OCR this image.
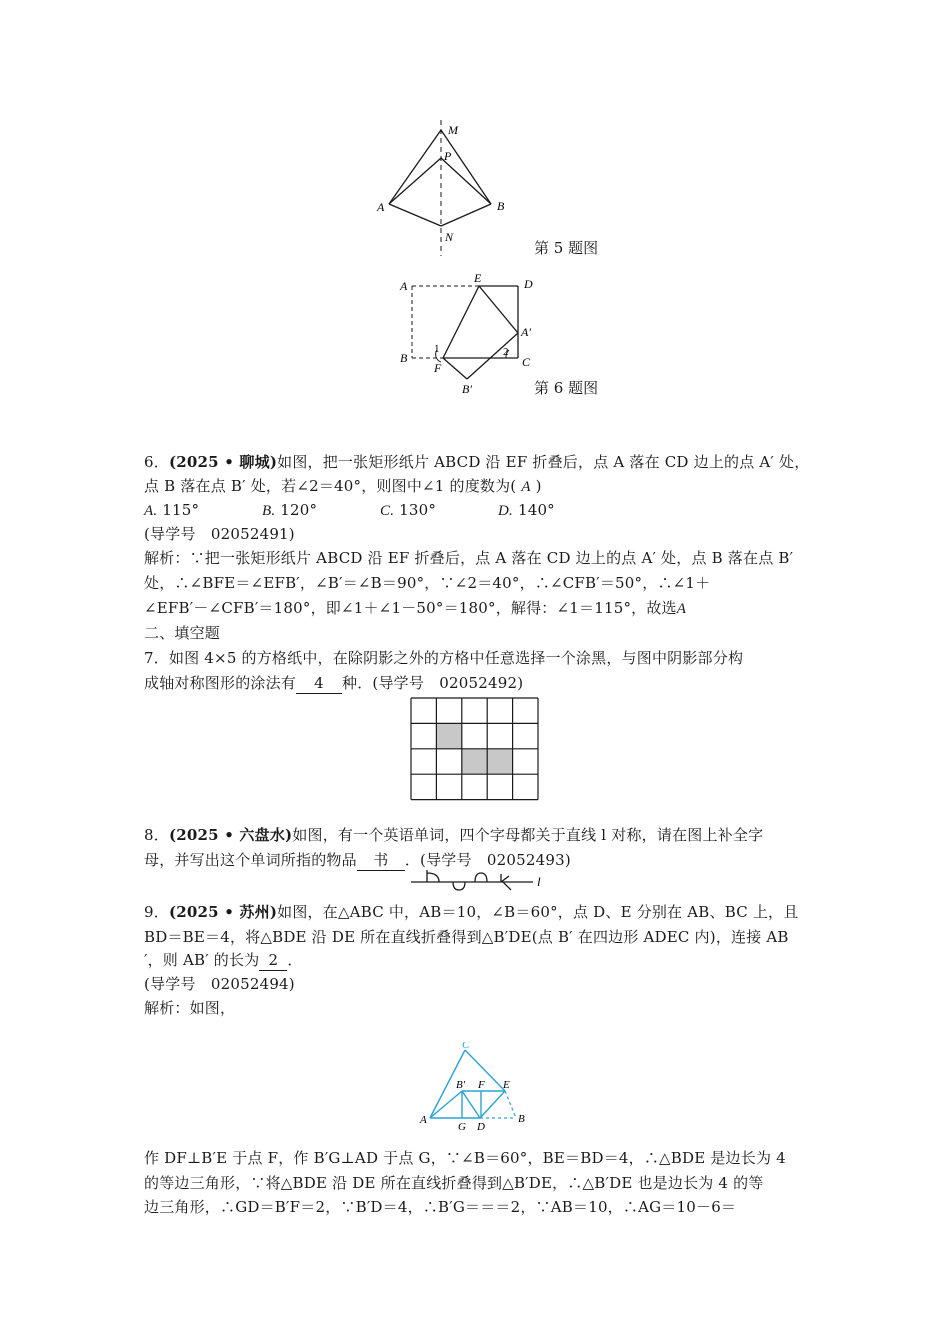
M
P
A	B
N
第 5 题图
A
E	D
A′
B
1	2
C
F
B′	第 6 题图
6．(2025 • 聊城)如图，把一张矩形纸片 ABCD 沿 EF 折叠后，点 A 落在 CD 边上的点 A′ 处，
点 B 落在点 B′ 处，若∠2＝40°，则图中∠1 的度数为( A )
A. 115°	B. 120°	C. 130°	D. 140°
(导学号　02052491)
解析：∵把一张矩形纸片 ABCD 沿 EF 折叠后，点 A 落在 CD 边上的点 A′ 处，点 B 落在点 B′
处，∴∠BFE＝∠EFB′，∠B′＝∠B＝90°，∵∠2＝40°，∴∠CFB′＝50°，∴∠1＋
∠EFB′－∠CFB′＝180°，即∠1＋∠1－50°＝180°，解得：∠1＝115°，故选A
二、填空题
7．如图 4×5 的方格纸中，在除阴影之外的方格中任意选择一个涂黑，与图中阴影部分构
成轴对称图形的涂法有 4 种．(导学号　02052492)
8．(2025 • 六盘水)如图，有一个英语单词，四个字母都关于直线 l 对称，请在图上补全字
母，并写出这个单词所指的物品 书 ．(导学号　02052493)
l
9．(2025 • 苏州)如图，在△ABC 中，AB＝10，∠B＝60°，点 D、E 分别在 AB、BC 上，且
BD＝BE＝4，将△BDE 沿 DE 所在直线折叠得到△B′DE(点 B′ 在四边形 ADEC 内)，连接 AB
′，则 AB′ 的长为 2 ．
(导学号　02052494)
解析：如图，
C
B′ F E
A
G D
B
作 DF⊥B′E 于点 F，作 B′G⊥AD 于点 G，∵∠B＝60°，BE＝BD＝4，∴△BDE 是边长为 4
的等边三角形，∵将△BDE 沿 DE 所在直线折叠得到△B′DE，∴△B′DE 也是边长为 4 的等
边三角形，∴GD＝B′F＝2，∵B′D＝4，∴B′G＝＝＝2，∵AB＝10，∴AG＝10－6＝
